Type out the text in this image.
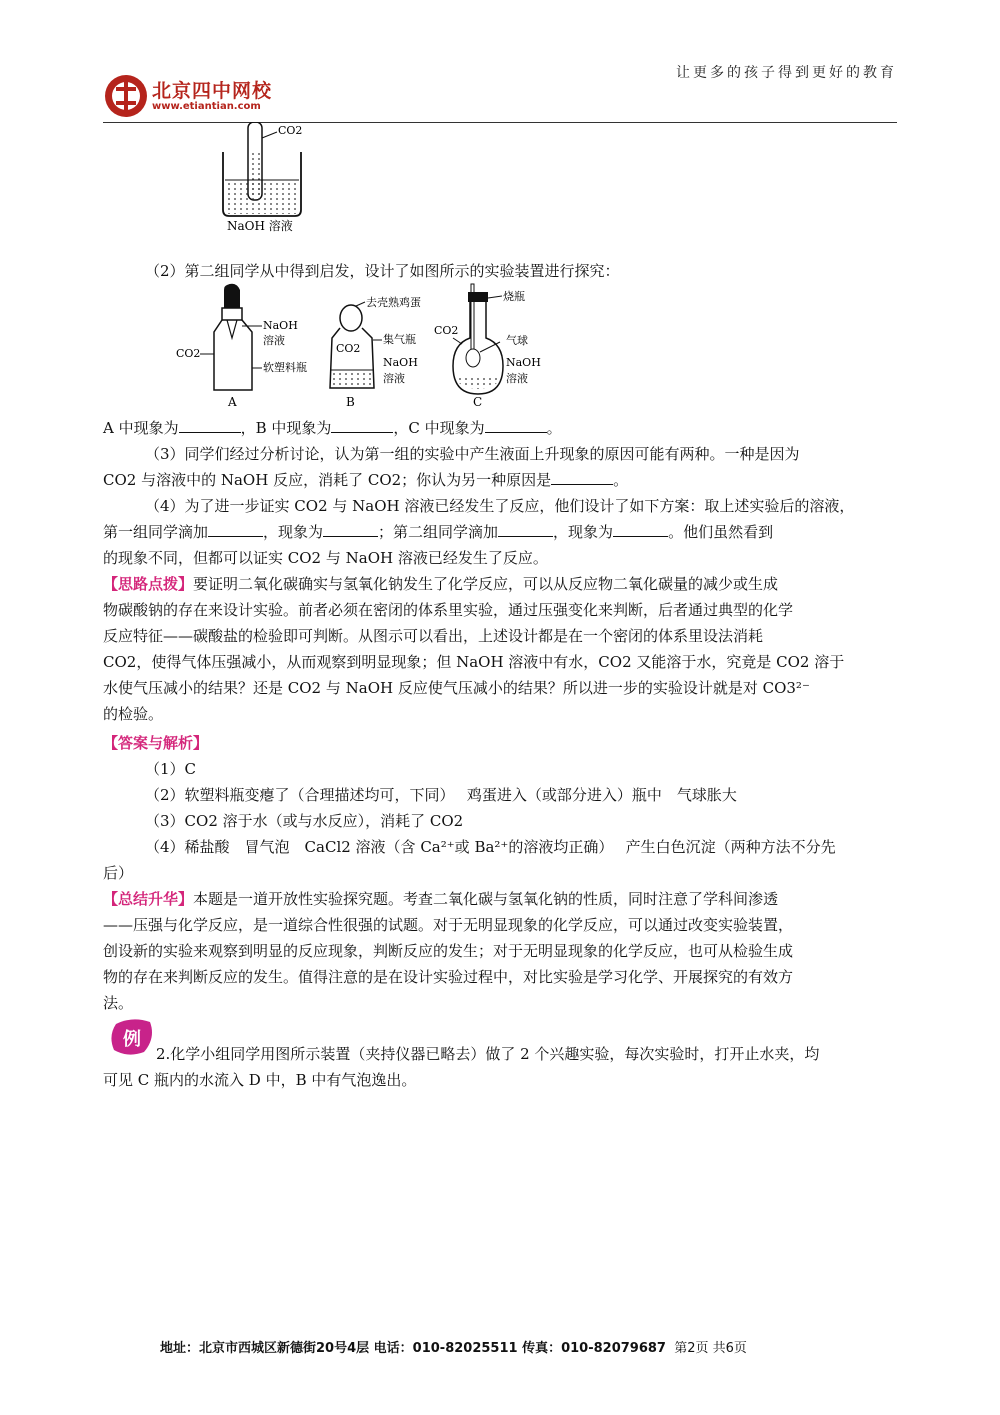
让更多的孩子得到更好的教育
北京四中网校
www.etiantian.com
CO2
NaOH 溶液
（2）第二组同学从中得到启发，设计了如图所示的实验装置进行探究：
NaOH
溶液
CO2
软塑料瓶
A
去壳熟鸡蛋
CO2
集气瓶
NaOH
溶液
B
烧瓶
CO2
气球
NaOH
溶液
C
A 中现象为	，B 中现象为	，C 中现象为	。
（3）同学们经过分析讨论，认为第一组的实验中产生液面上升现象的原因可能有两种。一种是因为
CO2 与溶液中的 NaOH 反应，消耗了 CO2；你认为另一种原因是	。
（4）为了进一步证实 CO2 与 NaOH 溶液已经发生了反应，他们设计了如下方案：取上述实验后的溶液，
第一组同学滴加	，现象为	；第二组同学滴加	，现象为	。他们虽然看到
的现象不同，但都可以证实 CO2 与 NaOH 溶液已经发生了反应。
【思路点拨】要证明二氧化碳确实与氢氧化钠发生了化学反应，可以从反应物二氧化碳量的减少或生成
物碳酸钠的存在来设计实验。前者必须在密闭的体系里实验，通过压强变化来判断，后者通过典型的化学
反应特征——碳酸盐的检验即可判断。从图示可以看出，上述设计都是在一个密闭的体系里设法消耗
CO2，使得气体压强减小，从而观察到明显现象；但 NaOH 溶液中有水，CO2 又能溶于水，究竟是 CO2 溶于
水使气压减小的结果？还是 CO2 与 NaOH 反应使气压减小的结果？所以进一步的实验设计就是对 CO3²⁻
的检验。
【答案与解析】
（1）C
（2）软塑料瓶变瘪了（合理描述均可，下同）　 鸡蛋进入（或部分进入）瓶中　气球胀大
（3）CO2 溶于水（或与水反应），消耗了 CO2
（4）稀盐酸　冒气泡　CaCl2 溶液（含 Ca²⁺或 Ba²⁺的溶液均正确）　 产生白色沉淀（两种方法不分先
后）
【总结升华】本题是一道开放性实验探究题。考查二氧化碳与氢氧化钠的性质，同时注意了学科间渗透
——压强与化学反应，是一道综合性很强的试题。对于无明显现象的化学反应，可以通过改变实验装置，
创设新的实验来观察到明显的反应现象，判断反应的发生；对于无明显现象的化学反应，也可从检验生成
物的存在来判断反应的发生。值得注意的是在设计实验过程中，对比实验是学习化学、开展探究的有效方
法。
例
2.化学小组同学用图所示装置（夹持仪器已略去）做了 2 个兴趣实验，每次实验时，打开止水夹，均
可见 C 瓶内的水流入 D 中，B 中有气泡逸出。
地址：北京市西城区新德街20号4层 电话：010-82025511 传真：010-82079687 第2页 共6页
